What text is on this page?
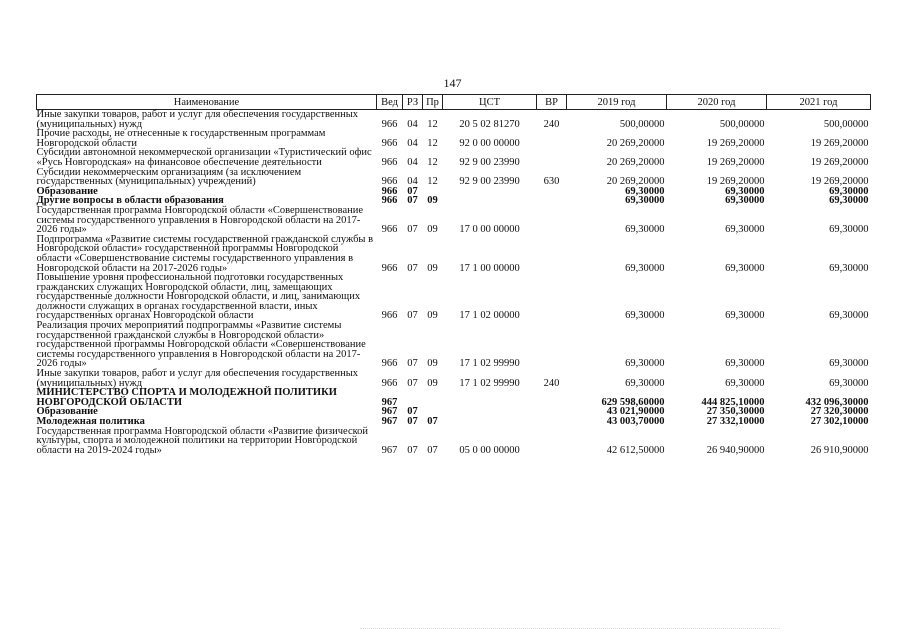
147
Наименование	Вед	РЗ	Пр	ЦСТ	ВР	2019 год	2020 год	2021 год
Иные закупки товаров, работ и услуг для обеспечения государственных (муниципальных) нужд	966	04	12	20 5 02 81270	240	500,00000	500,00000	500,00000
Прочие расходы, не отнесенные к государственным программам Новгородской области	966	04	12	92 0 00 00000		20 269,20000	19 269,20000	19 269,20000
Субсидии автономной некоммерческой организации «Туристический офис «Русь Новгородская» на финансовое обеспечение деятельности	966	04	12	92 9 00 23990		20 269,20000	19 269,20000	19 269,20000
Субсидии некоммерческим организациям (за исключением государственных (муниципальных) учреждений)	966	04	12	92 9 00 23990	630	20 269,20000	19 269,20000	19 269,20000
Образование	966	07				69,30000	69,30000	69,30000
Другие вопросы в области образования	966	07	09			69,30000	69,30000	69,30000
Государственная программа Новгородской области «Совершенствование системы государственного управления в Новгородской области на 2017-2026 годы»	966	07	09	17 0 00 00000		69,30000	69,30000	69,30000
Подпрограмма «Развитие системы государственной гражданской службы в Новгородской области» государственной программы Новгородской области «Совершенствование системы государственного управления в Новгородской области на 2017-2026 годы»	966	07	09	17 1 00 00000		69,30000	69,30000	69,30000
Повышение уровня профессиональной подготовки государственных гражданских служащих Новгородской области, лиц, замещающих государственные должности Новгородской области, и лиц, занимающих должности служащих в органах государственной власти, иных государственных органах Новгородской области	966	07	09	17 1 02 00000		69,30000	69,30000	69,30000
Реализация прочих мероприятий подпрограммы «Развитие системы государственной гражданской службы в Новгородской области» государственной программы Новгородской области «Совершенствование системы государственного управления в Новгородской области на 2017-2026 годы»	966	07	09	17 1 02 99990		69,30000	69,30000	69,30000
Иные закупки товаров, работ и услуг для обеспечения государственных (муниципальных) нужд	966	07	09	17 1 02 99990	240	69,30000	69,30000	69,30000
МИНИСТЕРСТВО СПОРТА И МОЛОДЕЖНОЙ ПОЛИТИКИ НОВГОРОДСКОЙ ОБЛАСТИ	967					629 598,60000	444 825,10000	432 096,30000
Образование	967	07				43 021,90000	27 350,30000	27 320,30000
Молодежная политика	967	07	07			43 003,70000	27 332,10000	27 302,10000
Государственная программа Новгородской области «Развитие физической культуры, спорта и молодежной политики на территории Новгородской области на 2019-2024 годы»	967	07	07	05 0 00 00000		42 612,50000	26 940,90000	26 910,90000
